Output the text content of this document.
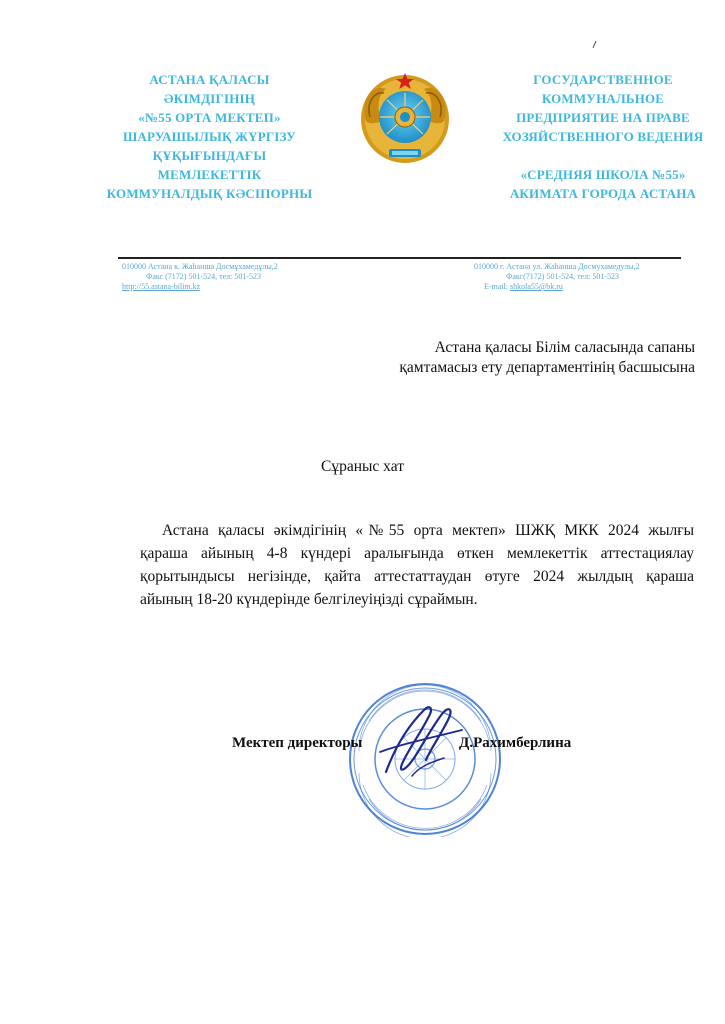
АСТАНА ҚАЛАСЫ
ӘКІМДІГІНІҢ
«№55 ОРТА МЕКТЕП»
ШАРУАШЫЛЫҚ ЖҮРГІЗУ
ҚҰҚЫҒЫНДАҒЫ
МЕМЛЕКЕТТІК
КОММУНАЛДЫҚ КӘСІПОРНЫ
ГОСУДАРСТВЕННОЕ
КОММУНАЛЬНОЕ
ПРЕДПРИЯТИЕ НА ПРАВЕ
ХОЗЯЙСТВЕННОГО ВЕДЕНИЯ
«СРЕДНЯЯ ШКОЛА №55»
АКИМАТА ГОРОДА АСТАНА
010000 Астана к. Жаһанша Досмұхамедұлы,2
Факс (7172) 501-524, тел: 501-523
http://55.astana-bilim.kz
010000 г. Астана ул. Жаһанша Досмухамедулы,2
Факс(7172) 501-524, тел: 501-523
E-mail: shkola55@bk.ru
Астана қаласы Білім саласында сапаны
қамтамасыз ету департаментінің басшысына
Сұраныс хат
Астана қаласы әкімдігінің «№55 орта мектеп» ШЖҚ МКК 2024 жылғы
қараша айының 4-8 күндері аралығында өткен мемлекеттік аттестациялау
қорытындысы негізінде, қайта аттестаттаудан өтуге 2024 жылдың қараша
айының 18-20 күндерінде белгілеуіңізді сұраймын.
Мектеп директоры	Д.Рахимберлина
